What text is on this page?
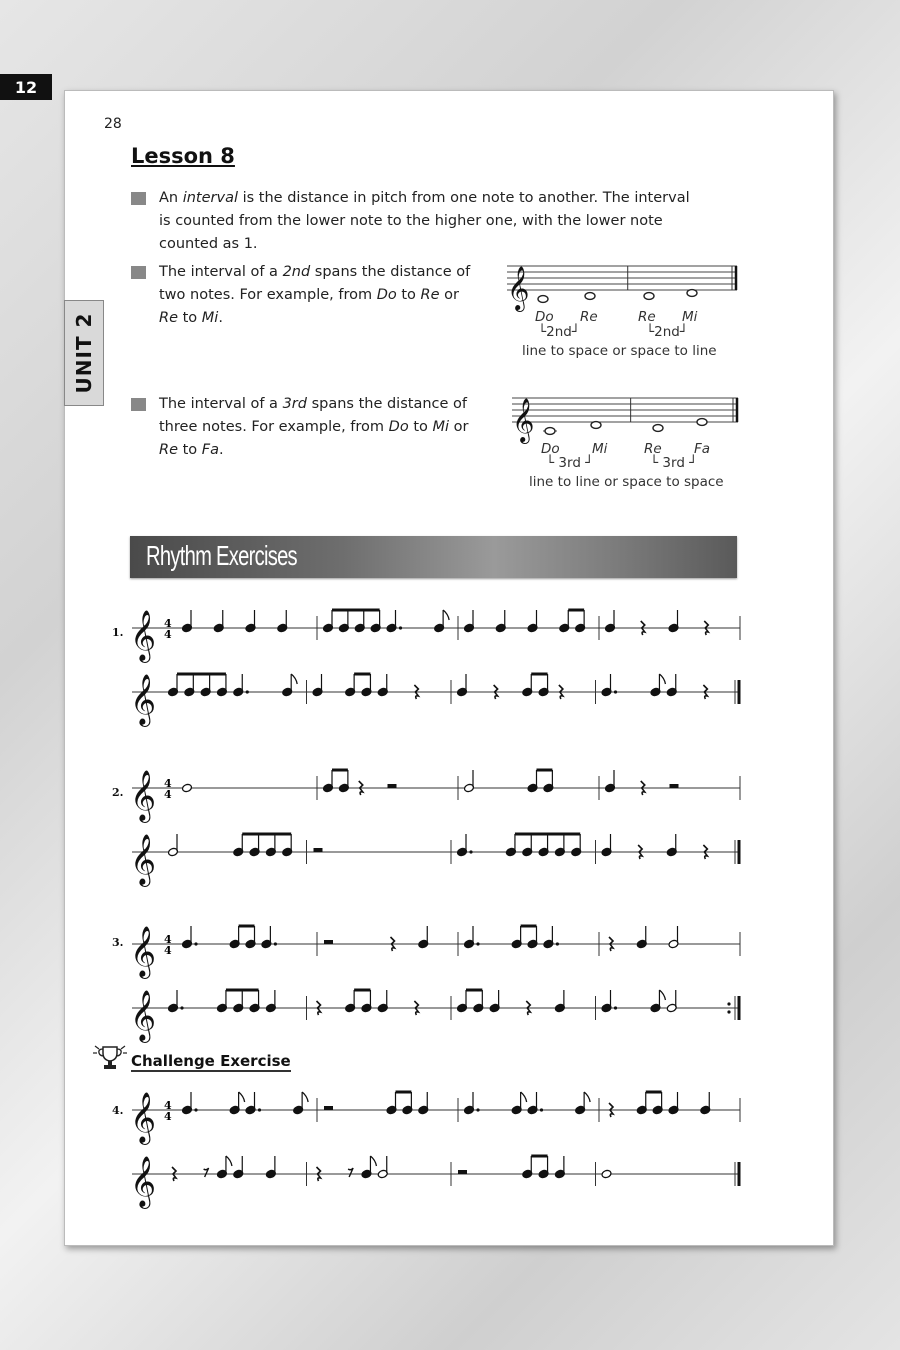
12
UNIT 2
28
Lesson 8
An interval is the distance in pitch from one note to another. The interval
is counted from the lower note to the higher one, with the lower note
counted as 1.
The interval of a 2nd spans the distance of
two notes. For example, from Do to Re or
Re to Mi.
The interval of a 3rd spans the distance of
three notes. For example, from Do to Mi or
Re to Fa.
𝄞
Do Re	Re Mi
└2nd┘	└2nd┘
line to space or space to line
𝄞
Do Mi	Re Fa
└ 3rd ┘	└ 3rd ┘
line to line or space to space
Rhythm Exercises
1.
2.
3.
4.
Challenge Exercise
𝄞 4
4
𝄞
𝄞 4
4
𝄞
𝄞 4
4
𝄞
𝄞 4
4
𝄞
